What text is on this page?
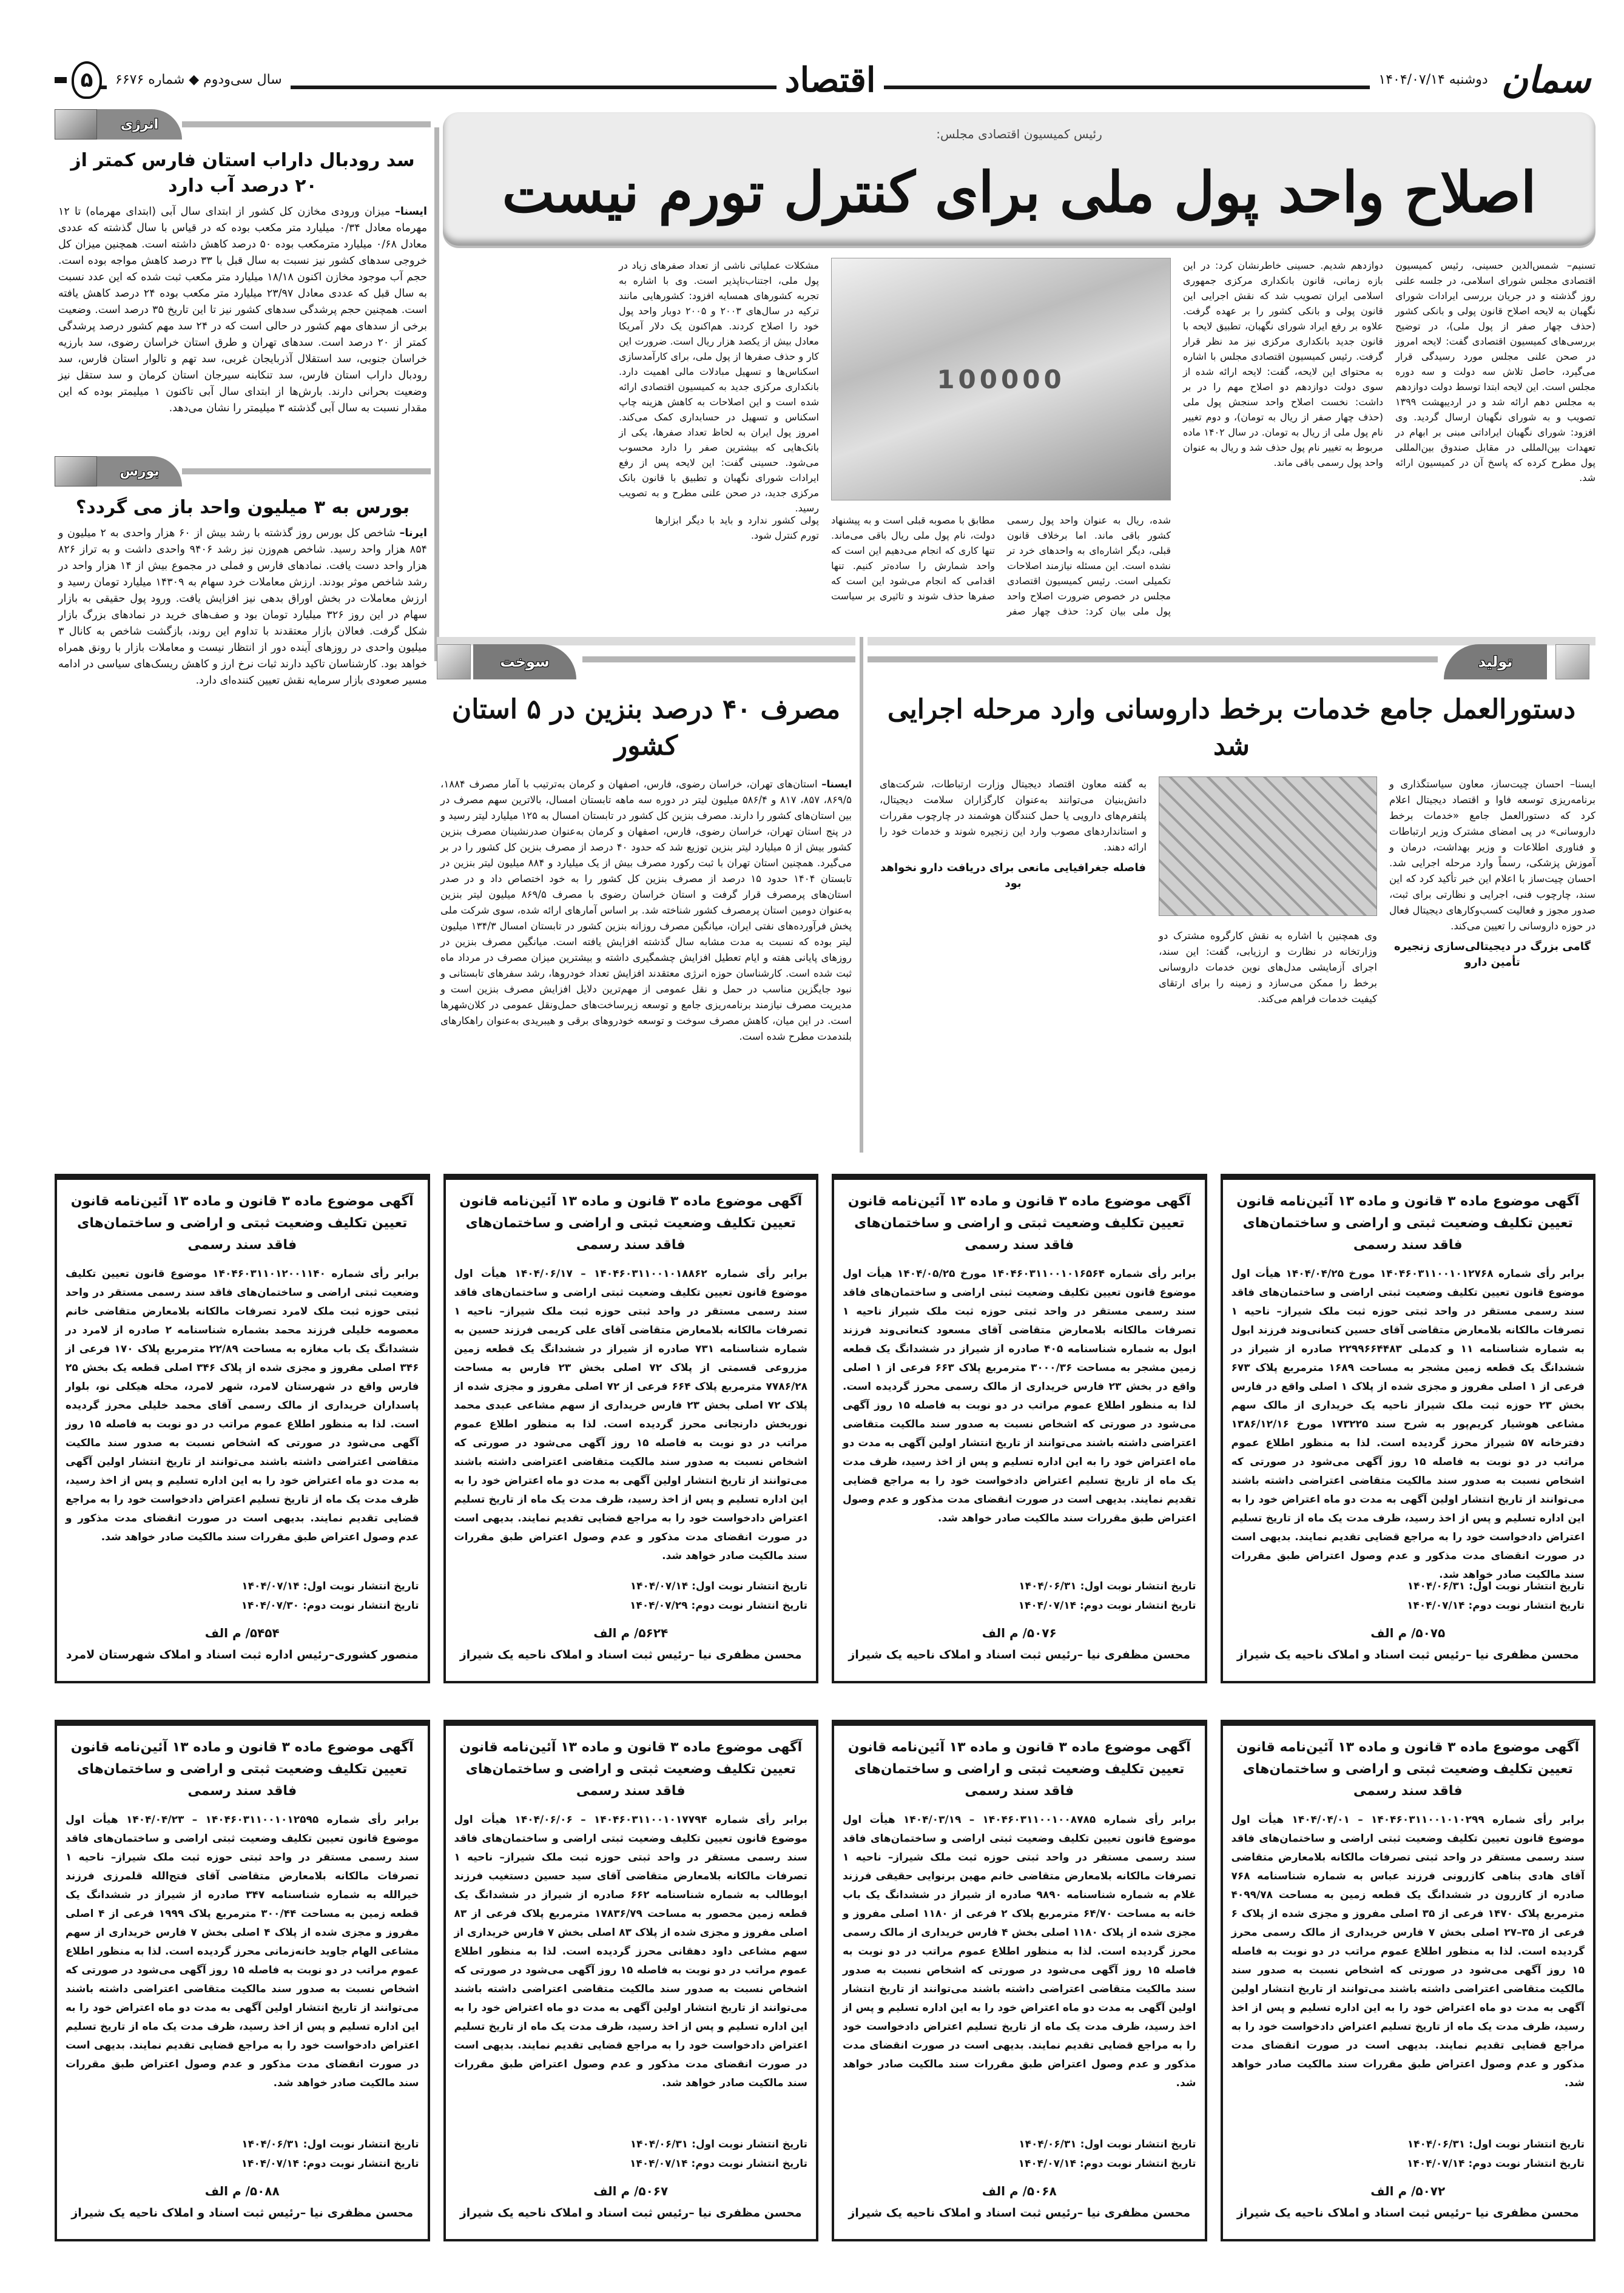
سمان
دوشنبه ۱۴۰۴/۰۷/۱۴
اقتصاد
سال سی‌ودوم ◆ شماره ۶۶۷۶
۵
انرژی
سد رودبال داراب استان فارس کمتر از ۲۰ درصد آب دارد

ایسنا– میزان ورودی مخازن کل کشور از ابتدای سال آبی (ابتدای مهرماه) تا ۱۲ مهرماه معادل ۰/۳۴ میلیارد متر مکعب بوده که در قیاس با سال گذشته که عددی معادل ۰/۶۸ میلیارد مترمکعب بوده ۵۰ درصد کاهش داشته است. همچنین میزان کل خروجی سدهای کشور نیز نسبت به سال قبل با ۳۳ درصد کاهش مواجه بوده است. حجم آب موجود مخازن اکنون ۱۸/۱۸ میلیارد متر مکعب ثبت شده که این عدد نسبت به سال قبل که عددی معادل ۲۳/۹۷ میلیارد متر مکعب بوده ۲۴ درصد کاهش یافته است. همچنین حجم پرشدگی سدهای کشور نیز تا این تاریخ ۳۵ درصد است. وضعیت برخی از سدهای مهم کشور در حالی است که در ۲۴ سد مهم کشور درصد پرشدگی کمتر از ۲۰ درصد است. سدهای تهران و طرق استان خراسان رضوی، سد بارزیه خراسان جنوبی، سد استقلال آذربایجان غربی، سد تهم و تالوار استان فارس، سد رودبال داراب استان فارس، سد تنکابنه سیرجان استان کرمان و سد ستقل نیز وضعیت بحرانی دارند. بارش‌ها از ابتدای سال آبی تاکنون ۱ میلیمتر بوده که این مقدار نسبت به سال آبی گذشته ۳ میلیمتر را نشان می‌دهد.

بورس
بورس به ۳ میلیون واحد باز می گردد؟

ایرنا– شاخص کل بورس روز گذشته با رشد بیش از ۶۰ هزار واحدی به ۲ میلیون و ۸۵۴ هزار واحد رسید. شاخص هم‌وزن نیز رشد ۹۴۰۶ واحدی داشت و به تراز ۸۲۶ هزار واحد دست یافت. نمادهای فارس و فملی در مجموع بیش از ۱۴ هزار واحد در رشد شاخص موثر بودند. ارزش معاملات خرد سهام به ۱۴۳۰۹ میلیارد تومان رسید و ارزش معاملات در بخش اوراق بدهی نیز افزایش یافت. ورود پول حقیقی به بازار سهام در این روز ۳۲۶ میلیارد تومان بود و صف‌های خرید در نمادهای بزرگ بازار شکل گرفت. فعالان بازار معتقدند با تداوم این روند، بازگشت شاخص به کانال ۳ میلیون واحدی در روزهای آینده دور از انتظار نیست و معاملات بازار با رونق همراه خواهد بود. کارشناسان تاکید دارند ثبات نرخ ارز و کاهش ریسک‌های سیاسی در ادامه مسیر صعودی بازار سرمایه نقش تعیین کننده‌ای دارد.

رئیس کمیسیون اقتصادی مجلس:
اصلاح واحد پول ملی برای کنترل تورم نیست
تسنیم– شمس‌الدین حسینی، رئیس کمیسیون اقتصادی مجلس شورای اسلامی، در جلسه علنی روز گذشته و در جریان بررسی ایرادات شورای نگهبان به لایحه اصلاح قانون پولی و بانکی کشور (حذف چهار صفر از پول ملی)، در توضیح بررسی‌های کمیسیون اقتصادی گفت: لایحه امروز در صحن علنی مجلس مورد رسیدگی قرار می‌گیرد، حاصل تلاش سه دولت و سه دوره مجلس است. این لایحه ابتدا توسط دولت دوازدهم به مجلس دهم ارائه شد و در اردیبهشت ۱۳۹۹ تصویب و به شورای نگهبان ارسال گردید. وی افزود: شورای نگهبان ایراداتی مبنی بر ابهام در تعهدات بین‌المللی در مقابل صندوق بین‌المللی پول مطرح کرده که پاسخ آن در کمیسیون ارائه شد.
دوازدهم شدیم. حسینی خاطرنشان کرد: در این بازه زمانی، قانون بانکداری مرکزی جمهوری اسلامی ایران تصویب شد که نقش اجرایی این قانون پولی و بانکی کشور را بر عهده گرفت. علاوه بر رفع ایراد شورای نگهبان، تطبیق لایحه با قانون جدید بانکداری مرکزی نیز مد نظر قرار گرفت. رئیس کمیسیون اقتصادی مجلس با اشاره به محتوای این لایحه، گفت: لایحه ارائه شده از سوی دولت دوازدهم دو اصلاح مهم را در بر داشت: نخست اصلاح واحد سنجش پول ملی (حذف چهار صفر از ریال به تومان)، و دوم تغییر نام پول ملی از ریال به تومان. در سال ۱۴۰۲ ماده مربوط به تغییر نام پول حذف شد و ریال به عنوان واحد پول رسمی باقی ماند.
100000
شده، ریال به عنوان واحد پول رسمی کشور باقی ماند. اما برخلاف قانون قبلی، دیگر اشاره‌ای به واحدهای خرد تر نشده است. این مسئله نیازمند اصلاحات تکمیلی است. رئیس کمیسیون اقتصادی مجلس در خصوص ضرورت اصلاح واحد پول ملی بیان کرد: حذف چهار صفر مطابق با مصوبه قبلی است و به پیشنهاد دولت، نام پول ملی ریال باقی می‌ماند. تنها کاری که انجام می‌دهیم این است که واحد شمارش را ساده‌تر کنیم. تنها اقدامی که انجام می‌شود این است که صفرها حذف شوند و تاثیری بر سیاست پولی کشور ندارد و باید با دیگر ابزارها تورم کنترل شود.
مشکلات عملیاتی ناشی از تعداد صفرهای زیاد در پول ملی، اجتناب‌ناپذیر است. وی با اشاره به تجربه کشورهای همسایه افزود: کشورهایی مانند ترکیه در سال‌های ۲۰۰۳ و ۲۰۰۵ دوبار واحد پول خود را اصلاح کردند. هم‌اکنون یک دلار آمریکا معادل بیش از یکصد هزار ریال است. ضرورت این کار و حذف صفرها از پول ملی، برای کارآمدسازی اسکناس‌ها و تسهیل مبادلات مالی اهمیت دارد. بانکداری مرکزی جدید به کمیسیون اقتصادی ارائه شده است و این اصلاحات به کاهش هزینه چاپ اسکناس و تسهیل در حسابداری کمک می‌کند. امروز پول ایران به لحاظ تعداد صفرها، یکی از بانک‌هایی که بیشترین صفر را دارد محسوب می‌شود. حسینی گفت: این لایحه پس از رفع ایرادات شورای نگهبان و تطبیق با قانون بانک مرکزی جدید، در صحن علنی مطرح و به تصویب رسید.
سوخت
مصرف ۴۰ درصد بنزین در ۵ استان کشور

ایسنا– استان‌های تهران، خراسان رضوی، فارس، اصفهان و کرمان به‌ترتیب با آمار مصرف ۱۸۸۴، ۸۶۹/۵، ۸۵۷، ۸۱۷ و ۵۸۶/۴ میلیون لیتر در دوره سه ماهه تابستان امسال، بالاترین سهم مصرف در بین استان‌های کشور را دارند. مصرف بنزین کل کشور در تابستان امسال به ۱۲۵ میلیارد لیتر رسید و در پنج استان تهران، خراسان رضوی، فارس، اصفهان و کرمان به‌عنوان صدرنشینان مصرف بنزین کشور بیش از ۵ میلیارد لیتر بنزین توزیع شد که حدود ۴۰ درصد از مصرف بنزین کل کشور را در بر می‌گیرد. همچنین استان تهران با ثبت رکورد مصرف بیش از یک میلیارد و ۸۸۴ میلیون لیتر بنزین در تابستان ۱۴۰۴ حدود ۱۵ درصد از مصرف بنزین کل کشور را به خود اختصاص داد و در صدر استان‌های پرمصرف قرار گرفت و استان خراسان رضوی با مصرف ۸۶۹/۵ میلیون لیتر بنزین به‌عنوان دومین استان پرمصرف کشور شناخته شد. بر اساس آمارهای ارائه شده، سوی شرکت ملی پخش فرآورده‌های نفتی ایران، میانگین مصرف روزانه بنزین کشور در تابستان امسال ۱۳۴/۳ میلیون لیتر بوده که نسبت به مدت مشابه سال گذشته افزایش یافته است. میانگین مصرف بنزین در روزهای پایانی هفته و ایام تعطیل افزایش چشمگیری داشته و بیشترین میزان مصرف در مرداد ماه ثبت شده است. کارشناسان حوزه انرژی معتقدند افزایش تعداد خودروها، رشد سفرهای تابستانی و نبود جایگزین مناسب در حمل و نقل عمومی از مهم‌ترین دلایل افزایش مصرف بنزین است و مدیریت مصرف نیازمند برنامه‌ریزی جامع و توسعه زیرساخت‌های حمل‌ونقل عمومی در کلان‌شهرها است. در این میان، کاهش مصرف سوخت و توسعه خودروهای برقی و هیبریدی به‌عنوان راهکارهای بلندمدت مطرح شده است.

تولید
دستورالعمل جامع خدمات برخط داروسانی وارد مرحله اجرایی شد
ایسنا– احسان چیت‌ساز، معاون سیاستگذاری و برنامه‌ریزی توسعه فاوا و اقتصاد دیجیتال اعلام کرد که دستورالعمل جامع «خدمات برخط داروسانی» در پی امضای مشترک وزیر ارتباطات و فناوری اطلاعات و وزیر بهداشت، درمان و آموزش پزشکی، رسماً وارد مرحله اجرایی شد. احسان چیت‌ساز با اعلام این خبر تأکید کرد که این سند، چارچوب فنی، اجرایی و نظارتی برای ثبت، صدور مجوز و فعالیت کسب‌وکارهای دیجیتال فعال در حوزه داروسانی را تعیین می‌کند.
گامی بزرگ در دیجیتالی‌سازی زنجیره تأمین دارو
وی همچنین با اشاره به نقش کارگروه مشترک دو وزارتخانه در نظارت و ارزیابی، گفت: این سند، اجرای آزمایشی مدل‌های نوین خدمات داروسانی برخط را ممکن می‌سازد و زمینه را برای ارتقای کیفیت خدمات فراهم می‌کند.
به گفته معاون اقتصاد دیجیتال وزارت ارتباطات، شرکت‌های دانش‌بنیان می‌توانند به‌عنوان کارگزاران سلامت دیجیتال، پلتفرم‌های دارویی یا حمل کنندگان هوشمند در چارچوب مقررات و استانداردهای مصوب وارد این زنجیره شوند و خدمات خود را ارائه دهند.
فاصله جغرافیایی مانعی برای دریافت دارو نخواهد بود
آگهی موضوع ماده ۳ قانون و ماده ۱۳ آئین‌نامه قانون تعیین تکلیف وضعیت ثبتی و اراضی و ساختمان‌های فاقد سند رسمی
برابر رأی شماره ۱۴۰۴۶۰۳۱۱۰۰۱۰۱۲۷۶۸ مورخ ۱۴۰۴/۰۴/۲۵ هیأت اول موضوع قانون تعیین تکلیف وضعیت ثبتی اراضی و ساختمان‌های فاقد سند رسمی مستقر در واحد ثبتی حوزه ثبت ملک شیراز– ناحیه ۱ تصرفات مالکانه بلامعارض متقاضی آقای حسین کنعانی‌وند فرزند ابول به شماره شناسنامه ۱۱ و کدملی ۲۲۹۹۶۶۴۴۸۳ صادره از شیراز در ششدانگ یک قطعه زمین مشجر به مساحت ۱۶۸۹ مترمربع پلاک ۶۷۳ فرعی از ۱ اصلی مفروز و مجزی شده از پلاک ۱ اصلی واقع در فارس بخش ۲۳ حوزه ثبت ملک شیراز ناحیه یک خریداری از مالک سهم مشاعی هوشیار کریم‌پور به شرح سند ۱۷۳۲۲۵ مورخ ۱۳۸۶/۱۲/۱۶ دفترخانه ۵۷ شیراز محرز گردیده است. لذا به منظور اطلاع عموم مراتب در دو نوبت به فاصله ۱۵ روز آگهی می‌شود در صورتی که اشخاص نسبت به صدور سند مالکیت متقاضی اعتراضی داشته باشند می‌توانند از تاریخ انتشار اولین آگهی به مدت دو ماه اعتراض خود را به این اداره تسلیم و پس از اخذ رسید، ظرف مدت یک ماه از تاریخ تسلیم اعتراض دادخواست خود را به مراجع قضایی تقدیم نمایند. بدیهی است در صورت انقضای مدت مذکور و عدم وصول اعتراض طبق مقررات سند مالکیت صادر خواهد شد.
تاریخ انتشار نوبت اول: ۱۴۰۴/۰۶/۳۱
تاریخ انتشار نوبت دوم: ۱۴۰۴/۰۷/۱۴
۵۰۷۵/ م الف
محسن مظفری نیا –رئیس ثبت اسناد و املاک ناحیه یک شیراز
آگهی موضوع ماده ۳ قانون و ماده ۱۳ آئین‌نامه قانون تعیین تکلیف وضعیت ثبتی و اراضی و ساختمان‌های فاقد سند رسمی
برابر رأی شماره ۱۴۰۴۶۰۳۱۱۰۰۱۰۱۶۵۶۴ مورخ ۱۴۰۴/۰۵/۲۵ هیأت اول موضوع قانون تعیین تکلیف وضعیت ثبتی اراضی و ساختمان‌های فاقد سند رسمی مستقر در واحد ثبتی حوزه ثبت ملک شیراز ناحیه ۱ تصرفات مالکانه بلامعارض متقاضی آقای مسعود کنعانی‌وند فرزند ابول به شماره شناسنامه ۴۰۵ صادره از شیراز در ششدانگ یک قطعه زمین مشجر به مساحت ۳۰۰۰/۳۶ مترمربع پلاک ۶۶۳ فرعی از ۱ اصلی واقع در بخش ۲۳ فارس خریداری از مالک رسمی محرز گردیده است. لذا به منظور اطلاع عموم مراتب در دو نوبت به فاصله ۱۵ روز آگهی می‌شود در صورتی که اشخاص نسبت به صدور سند مالکیت متقاضی اعتراضی داشته باشند می‌توانند از تاریخ انتشار اولین آگهی به مدت دو ماه اعتراض خود را به این اداره تسلیم و پس از اخذ رسید، ظرف مدت یک ماه از تاریخ تسلیم اعتراض دادخواست خود را به مراجع قضایی تقدیم نمایند. بدیهی است در صورت انقضای مدت مذکور و عدم وصول اعتراض طبق مقررات سند مالکیت صادر خواهد شد.
تاریخ انتشار نوبت اول: ۱۴۰۴/۰۶/۳۱
تاریخ انتشار نوبت دوم: ۱۴۰۴/۰۷/۱۴
۵۰۷۶/ م الف
محسن مظفری نیا –رئیس ثبت اسناد و املاک ناحیه یک شیراز
آگهی موضوع ماده ۳ قانون و ماده ۱۳ آئین‌نامه قانون تعیین تکلیف وضعیت ثبتی و اراضی و ساختمان‌های فاقد سند رسمی
برابر رأی شماره ۱۴۰۴۶۰۳۱۱۰۰۱۰۱۸۸۶۲ – ۱۴۰۴/۰۶/۱۷ هیأت اول موضوع قانون تعیین تکلیف وضعیت ثبتی اراضی و ساختمان‌های فاقد سند رسمی مستقر در واحد ثبتی حوزه ثبت ملک شیراز– ناحیه ۱ تصرفات مالکانه بلامعارض متقاضی آقای علی کریمی فرزند حسین به شماره شناسنامه ۷۳۱ صادره از شیراز در ششدانگ یک قطعه زمین مزروعی قسمتی از پلاک ۷۲ اصلی بخش ۲۳ فارس به مساحت ۷۷۸۶/۲۸ مترمربع پلاک ۶۶۴ فرعی از ۷۲ اصلی مفروز و مجزی شده از پلاک ۷۲ اصلی بخش ۲۳ فارس خریداری از سهم مشاعی عبدی محمد نوربخش دارنجانی محرز گردیده است. لذا به منظور اطلاع عموم مراتب در دو نوبت به فاصله ۱۵ روز آگهی می‌شود در صورتی که اشخاص نسبت به صدور سند مالکیت متقاضی اعتراضی داشته باشند می‌توانند از تاریخ انتشار اولین آگهی به مدت دو ماه اعتراض خود را به این اداره تسلیم و پس از اخذ رسید، ظرف مدت یک ماه از تاریخ تسلیم اعتراض دادخواست خود را به مراجع قضایی تقدیم نمایند. بدیهی است در صورت انقضای مدت مذکور و عدم وصول اعتراض طبق مقررات سند مالکیت صادر خواهد شد.
تاریخ انتشار نوبت اول: ۱۴۰۴/۰۷/۱۴
تاریخ انتشار نوبت دوم: ۱۴۰۴/۰۷/۲۹
۵۶۲۴/ م الف
محسن مظفری نیا –رئیس ثبت اسناد و املاک ناحیه یک شیراز
آگهی موضوع ماده ۳ قانون و ماده ۱۳ آئین‌نامه قانون تعیین تکلیف وضعیت ثبتی و اراضی و ساختمان‌های فاقد سند رسمی
برابر رأی شماره ۱۴۰۴۶۰۳۱۱۰۱۲۰۰۱۱۴۰ موضوع قانون تعیین تکلیف وضعیت ثبتی اراضی و ساختمان‌های فاقد سند رسمی مستقر در واحد ثبتی حوزه ثبت ملک لامرد تصرفات مالکانه بلامعارض متقاضی خانم معصومه خلیلی فرزند محمد بشماره شناسنامه ۲ صادره از لامرد در ششدانگ یک باب مغازه به مساحت ۲۲/۸۹ مترمربع پلاک ۱۷۰ فرعی از ۳۴۶ اصلی مفروز و مجزی شده از پلاک ۳۴۶ اصلی قطعه یک بخش ۲۵ فارس واقع در شهرستان لامرد، شهر لامرد، محله هیکلی نو، بلوار پاسداران خریداری از مالک رسمی آقای محمد خلیلی محرز گردیده است. لذا به منظور اطلاع عموم مراتب در دو نوبت به فاصله ۱۵ روز آگهی می‌شود در صورتی که اشخاص نسبت به صدور سند مالکیت متقاضی اعتراضی داشته باشند می‌توانند از تاریخ انتشار اولین آگهی به مدت دو ماه اعتراض خود را به این اداره تسلیم و پس از اخذ رسید، ظرف مدت یک ماه از تاریخ تسلیم اعتراض دادخواست خود را به مراجع قضایی تقدیم نمایند. بدیهی است در صورت انقضای مدت مذکور و عدم وصول اعتراض طبق مقررات سند مالکیت صادر خواهد شد.
تاریخ انتشار نوبت اول: ۱۴۰۴/۰۷/۱۴
تاریخ انتشار نوبت دوم: ۱۴۰۴/۰۷/۳۰
۵۴۵۴/ م الف
منصور کشوری–رئیس اداره ثبت اسناد و املاک شهرستان لامرد
آگهی موضوع ماده ۳ قانون و ماده ۱۳ آئین‌نامه قانون تعیین تکلیف وضعیت ثبتی و اراضی و ساختمان‌های فاقد سند رسمی
برابر رأی شماره ۱۴۰۴۶۰۳۱۱۰۰۱۰۱۰۲۹۹ – ۱۴۰۴/۰۴/۰۱ هیأت اول موضوع قانون تعیین تکلیف وضعیت ثبتی اراضی و ساختمان‌های فاقد سند رسمی مستقر در واحد ثبتی تصرفات مالکانه بلامعارض متقاضی آقای هادی بناهی کازرونی فرزند عباس به شماره شناسنامه ۷۶۸ صادره از کازرون در ششدانگ یک قطعه زمین به مساحت ۴۰۹۹/۷۸ مترمربع پلاک ۱۴۷۰ فرعی از ۳۵ اصلی مفروز و مجزی شده از پلاک ۶ فرعی از ۳۵–۲۷ اصلی بخش ۷ فارس خریداری از مالک رسمی محرز گردیده است. لذا به منظور اطلاع عموم مراتب در دو نوبت به فاصله ۱۵ روز آگهی می‌شود در صورتی که اشخاص نسبت به صدور سند مالکیت متقاضی اعتراضی داشته باشند می‌توانند از تاریخ انتشار اولین آگهی به مدت دو ماه اعتراض خود را به این اداره تسلیم و پس از اخذ رسید، ظرف مدت یک ماه از تاریخ تسلیم اعتراض دادخواست خود را به مراجع قضایی تقدیم نمایند. بدیهی است در صورت انقضای مدت مذکور و عدم وصول اعتراض طبق مقررات سند مالکیت صادر خواهد شد.
تاریخ انتشار نوبت اول: ۱۴۰۴/۰۶/۳۱
تاریخ انتشار نوبت دوم: ۱۴۰۴/۰۷/۱۴
۵۰۷۲/ م الف
محسن مظفری نیا –رئیس ثبت اسناد و املاک ناحیه یک شیراز
آگهی موضوع ماده ۳ قانون و ماده ۱۳ آئین‌نامه قانون تعیین تکلیف وضعیت ثبتی و اراضی و ساختمان‌های فاقد سند رسمی
برابر رأی شماره ۱۴۰۴۶۰۳۱۱۰۰۱۰۰۸۷۸۵ – ۱۴۰۴/۰۳/۱۹ هیأت اول موضوع قانون تعیین تکلیف وضعیت ثبتی اراضی و ساختمان‌های فاقد سند رسمی مستقر در واحد ثبتی حوزه ثبت ملک شیراز– ناحیه ۱ تصرفات مالکانه بلامعارض متقاضی خانم مهین برنوایی حقیقی فرزند غلام به شماره شناسنامه ۹۸۹۰ صادره از شیراز در ششدانگ یک باب خانه به مساحت ۶۴/۷۰ مترمربع پلاک ۲ فرعی از ۱۱۸۰ اصلی مفروز و مجزی شده از پلاک ۱۱۸۰ اصلی بخش ۴ فارس خریداری از مالک رسمی محرز گردیده است. لذا به منظور اطلاع عموم مراتب در دو نوبت به فاصله ۱۵ روز آگهی می‌شود در صورتی که اشخاص نسبت به صدور سند مالکیت متقاضی اعتراضی داشته باشند می‌توانند از تاریخ انتشار اولین آگهی به مدت دو ماه اعتراض خود را به این اداره تسلیم و پس از اخذ رسید، ظرف مدت یک ماه از تاریخ تسلیم اعتراض دادخواست خود را به مراجع قضایی تقدیم نمایند. بدیهی است در صورت انقضای مدت مذکور و عدم وصول اعتراض طبق مقررات سند مالکیت صادر خواهد شد.
تاریخ انتشار نوبت اول: ۱۴۰۴/۰۶/۳۱
تاریخ انتشار نوبت دوم: ۱۴۰۴/۰۷/۱۴
۵۰۶۸/ م الف
محسن مظفری نیا –رئیس ثبت اسناد و املاک ناحیه یک شیراز
آگهی موضوع ماده ۳ قانون و ماده ۱۳ آئین‌نامه قانون تعیین تکلیف وضعیت ثبتی و اراضی و ساختمان‌های فاقد سند رسمی
برابر رأی شماره ۱۴۰۴۶۰۳۱۱۰۰۱۰۱۷۷۹۴ – ۱۴۰۴/۰۶/۰۶ هیأت اول موضوع قانون تعیین تکلیف وضعیت ثبتی اراضی و ساختمان‌های فاقد سند رسمی مستقر در واحد ثبتی حوزه ثبت ملک شیراز– ناحیه ۱ تصرفات مالکانه بلامعارض متقاضی آقای سید حسین دستغیب فرزند ابوطالب به شماره شناسنامه ۶۶۲ صادره از شیراز در ششدانگ یک قطعه زمین محصور به مساحت ۱۷۸۳۶/۷۹ مترمربع پلاک فرعی از ۸۳ اصلی مفروز و مجزی شده از پلاک ۸۳ اصلی بخش ۷ فارس خریداری از سهم مشاعی داود دهقانی محرز گردیده است. لذا به منظور اطلاع عموم مراتب در دو نوبت به فاصله ۱۵ روز آگهی می‌شود در صورتی که اشخاص نسبت به صدور سند مالکیت متقاضی اعتراضی داشته باشند می‌توانند از تاریخ انتشار اولین آگهی به مدت دو ماه اعتراض خود را به این اداره تسلیم و پس از اخذ رسید، ظرف مدت یک ماه از تاریخ تسلیم اعتراض دادخواست خود را به مراجع قضایی تقدیم نمایند. بدیهی است در صورت انقضای مدت مذکور و عدم وصول اعتراض طبق مقررات سند مالکیت صادر خواهد شد.
تاریخ انتشار نوبت اول: ۱۴۰۴/۰۶/۳۱
تاریخ انتشار نوبت دوم: ۱۴۰۴/۰۷/۱۴
۵۰۶۷/ م الف
محسن مظفری نیا –رئیس ثبت اسناد و املاک ناحیه یک شیراز
آگهی موضوع ماده ۳ قانون و ماده ۱۳ آئین‌نامه قانون تعیین تکلیف وضعیت ثبتی و اراضی و ساختمان‌های فاقد سند رسمی
برابر رأی شماره ۱۴۰۴۶۰۳۱۱۰۰۱۰۱۲۵۹۵ – ۱۴۰۴/۰۴/۲۳ هیأت اول موضوع قانون تعیین تکلیف وضعیت ثبتی اراضی و ساختمان‌های فاقد سند رسمی مستقر در واحد ثبتی حوزه ثبت ملک شیراز– ناحیه ۱ تصرفات مالکانه بلامعارض متقاضی آقای فتح‌الله قلمرزی فرزند خیرالله به شماره شناسنامه ۳۴۷ صادره از شیراز در ششدانگ یک قطعه زمین به مساحت ۳۰۰/۴۴ مترمربع پلاک ۱۹۹۹ فرعی از ۴ اصلی مفروز و مجزی شده از پلاک ۴ اصلی بخش ۷ فارس خریداری از سهم مشاعی الهام جاوید خانه‌زمانی محرز گردیده است. لذا به منظور اطلاع عموم مراتب در دو نوبت به فاصله ۱۵ روز آگهی می‌شود در صورتی که اشخاص نسبت به صدور سند مالکیت متقاضی اعتراضی داشته باشند می‌توانند از تاریخ انتشار اولین آگهی به مدت دو ماه اعتراض خود را به این اداره تسلیم و پس از اخذ رسید، ظرف مدت یک ماه از تاریخ تسلیم اعتراض دادخواست خود را به مراجع قضایی تقدیم نمایند. بدیهی است در صورت انقضای مدت مذکور و عدم وصول اعتراض طبق مقررات سند مالکیت صادر خواهد شد.
تاریخ انتشار نوبت اول: ۱۴۰۴/۰۶/۳۱
تاریخ انتشار نوبت دوم: ۱۴۰۴/۰۷/۱۴
۵۰۸۸/ م الف
محسن مظفری نیا –رئیس ثبت اسناد و املاک ناحیه یک شیراز
